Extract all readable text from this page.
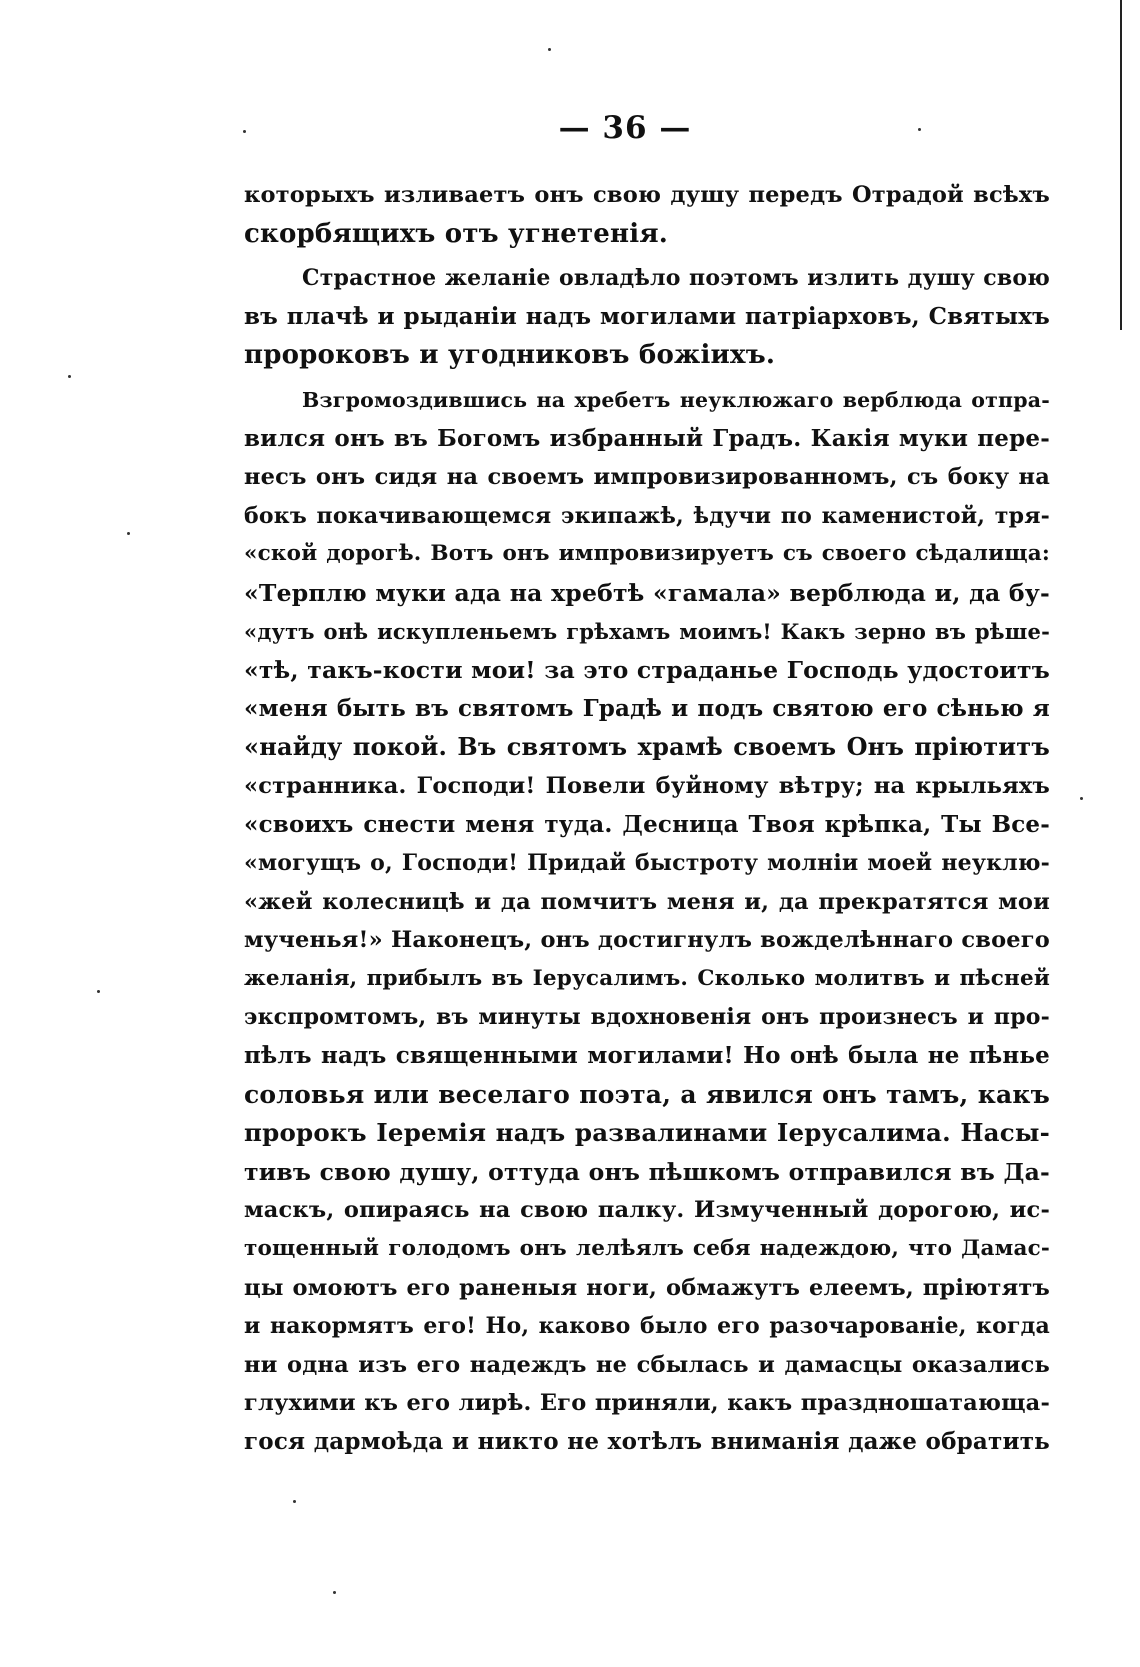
— 36 —
которыхъ изливаетъ онъ свою душу передъ Отрадой всѣхъ
скорбящихъ отъ угнетенія.
Страстное желаніе овладѣло поэтомъ излить душу свою
въ плачѣ и рыданіи надъ могилами патріарховъ, Святыхъ
пророковъ и угодниковъ божіихъ.
Взгромоздившись на хребетъ неуклюжаго верблюда отпра-
вился онъ въ Богомъ избранный Градъ. Какія муки пере-
несъ онъ сидя на своемъ импровизированномъ, съ боку на
бокъ покачивающемся экипажѣ, ѣдучи по каменистой, тря-
«ской дорогѣ. Вотъ онъ импровизируетъ съ своего сѣдалища:
«Терплю муки ада на хребтѣ «гамала» верблюда и, да бу-
«дутъ онѣ искупленьемъ грѣхамъ моимъ! Какъ зерно въ рѣше-
«тѣ, такъ-кости мои! за это страданье Господь удостоитъ
«меня быть въ святомъ Градѣ и подъ святою его сѣнью я
«найду покой. Въ святомъ храмѣ своемъ Онъ пріютитъ
«странника. Господи! Повели буйному вѣтру; на крыльяхъ
«своихъ снести меня туда. Десница Твоя крѣпка, Ты Все-
«могущъ о, Господи! Придай быстроту молніи моей неуклю-
«жей колесницѣ и да помчитъ меня и, да прекратятся мои
мученья!» Наконецъ, онъ достигнулъ вожделѣннаго своего
желанія, прибылъ въ Іерусалимъ. Сколько молитвъ и пѣсней
экспромтомъ, въ минуты вдохновенія онъ произнесъ и про-
пѣлъ надъ священными могилами! Но онѣ была не пѣнье
соловья или веселаго поэта, а явился онъ тамъ, какъ
пророкъ Іеремія надъ развалинами Іерусалима. Насы-
тивъ свою душу, оттуда онъ пѣшкомъ отправился въ Да-
маскъ, опираясь на свою палку. Измученный дорогою, ис-
тощенный голодомъ онъ лелѣялъ себя надеждою, что Дамас-
цы омоютъ его раненыя ноги, обмажутъ елеемъ, пріютятъ
и накормятъ его! Но, каково было его разочарованіе, когда
ни одна изъ его надеждъ не сбылась и дамасцы оказались
глухими къ его лирѣ. Его приняли, какъ праздношатающа-
гося дармоѣда и никто не хотѣлъ вниманія даже обратить
